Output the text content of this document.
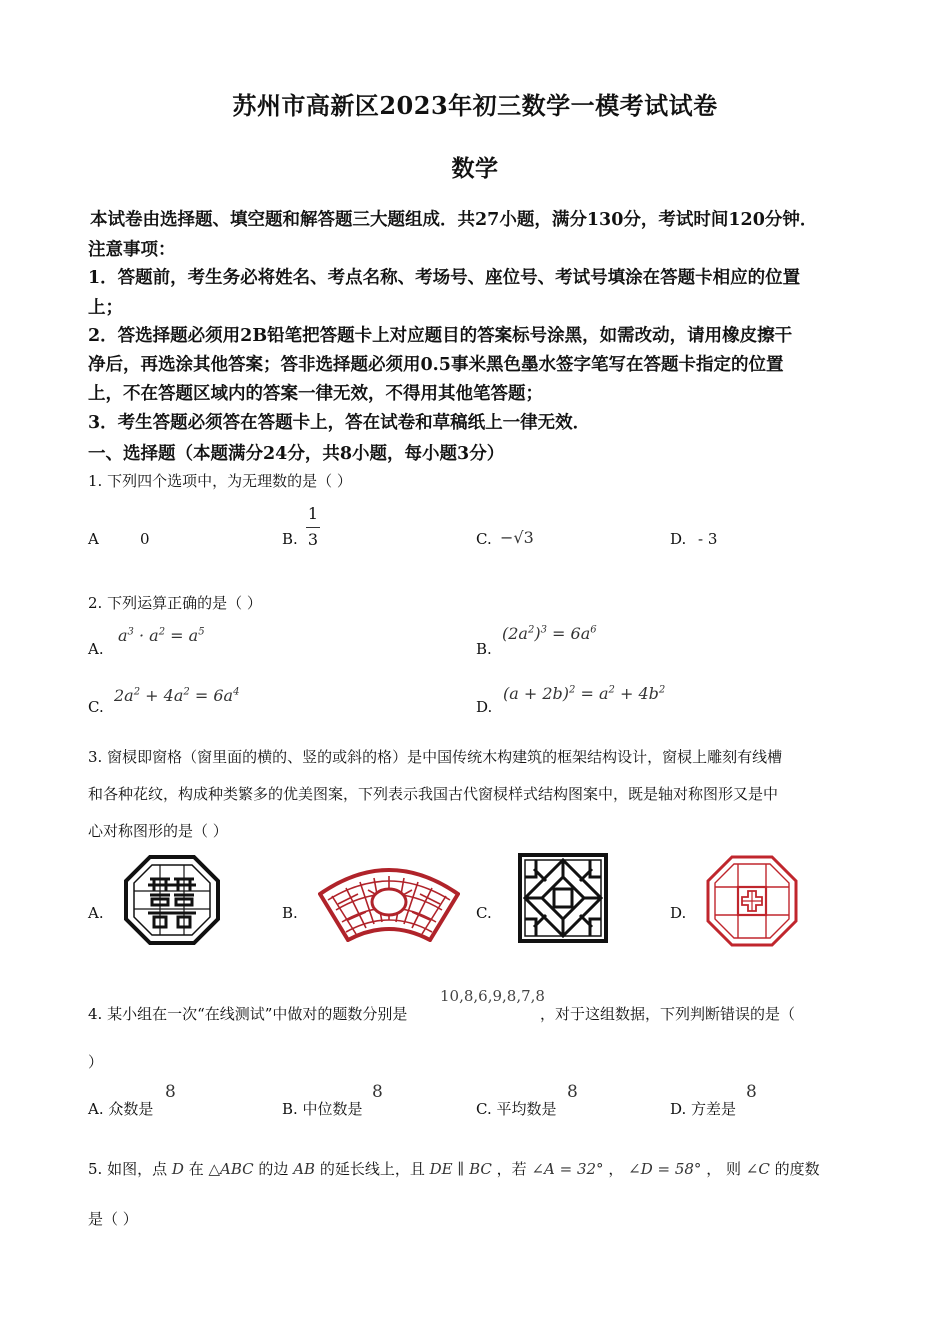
苏州市高新区2023年初三数学一模考试试卷
数学
本试卷由选择题、填空题和解答题三大题组成．共27小题，满分130分，考试时间120分钟．
注意事项：
1．答题前，考生务必将姓名、考点名称、考场号、座位号、考试号填涂在答题卡相应的位置
上；
2．答选择题必须用2B铅笔把答题卡上对应题目的答案标号涂黑，如需改动，请用橡皮擦干
净后，再选涂其他答案；答非选择题必须用0.5事米黑色墨水签字笔写在答题卡指定的位置
上，不在答题区域内的答案一律无效，不得用其他笔答题；
3．考生答题必须答在答题卡上，答在试卷和草稿纸上一律无效．
一、选择题（本题满分24分，共8小题，每小题3分）
1. 下列四个选项中，为无理数的是（ ）
A	0	B.
1
3	C. −√3	D. - 3
2. 下列运算正确的是（ ）
A.
$a^3 \cdot a^2 = a^5$
B.
$(2a^2)^3 = 6a^6$
C.
$2a^2 + 4a^2 = 6a^4$
D.
$(a + 2b)^2 = a^2 + 4b^2$
3. 窗棂即窗格（窗里面的横的、竖的或斜的格）是中国传统木构建筑的框架结构设计，窗棂上雕刻有线槽
和各种花纹，构成种类繁多的优美图案，下列表示我国古代窗棂样式结构图案中，既是轴对称图形又是中
心对称图形的是（ ）
A.	B.	C.	D.
4. 某小组在一次“在线测试”中做对的题数分别是
10,8,6,9,8,7,8
，对于这组数据，下列判断错误的是（
）
A. 众数是
8
B. 中位数是
8
C. 平均数是
8
D. 方差是
8
5. 如图，点 D 在 △ABC 的边 AB 的延长线上，且 DE ∥ BC ，若 ∠A = 32° ， ∠D = 58° ， 则 ∠C 的度数
是（ ）
